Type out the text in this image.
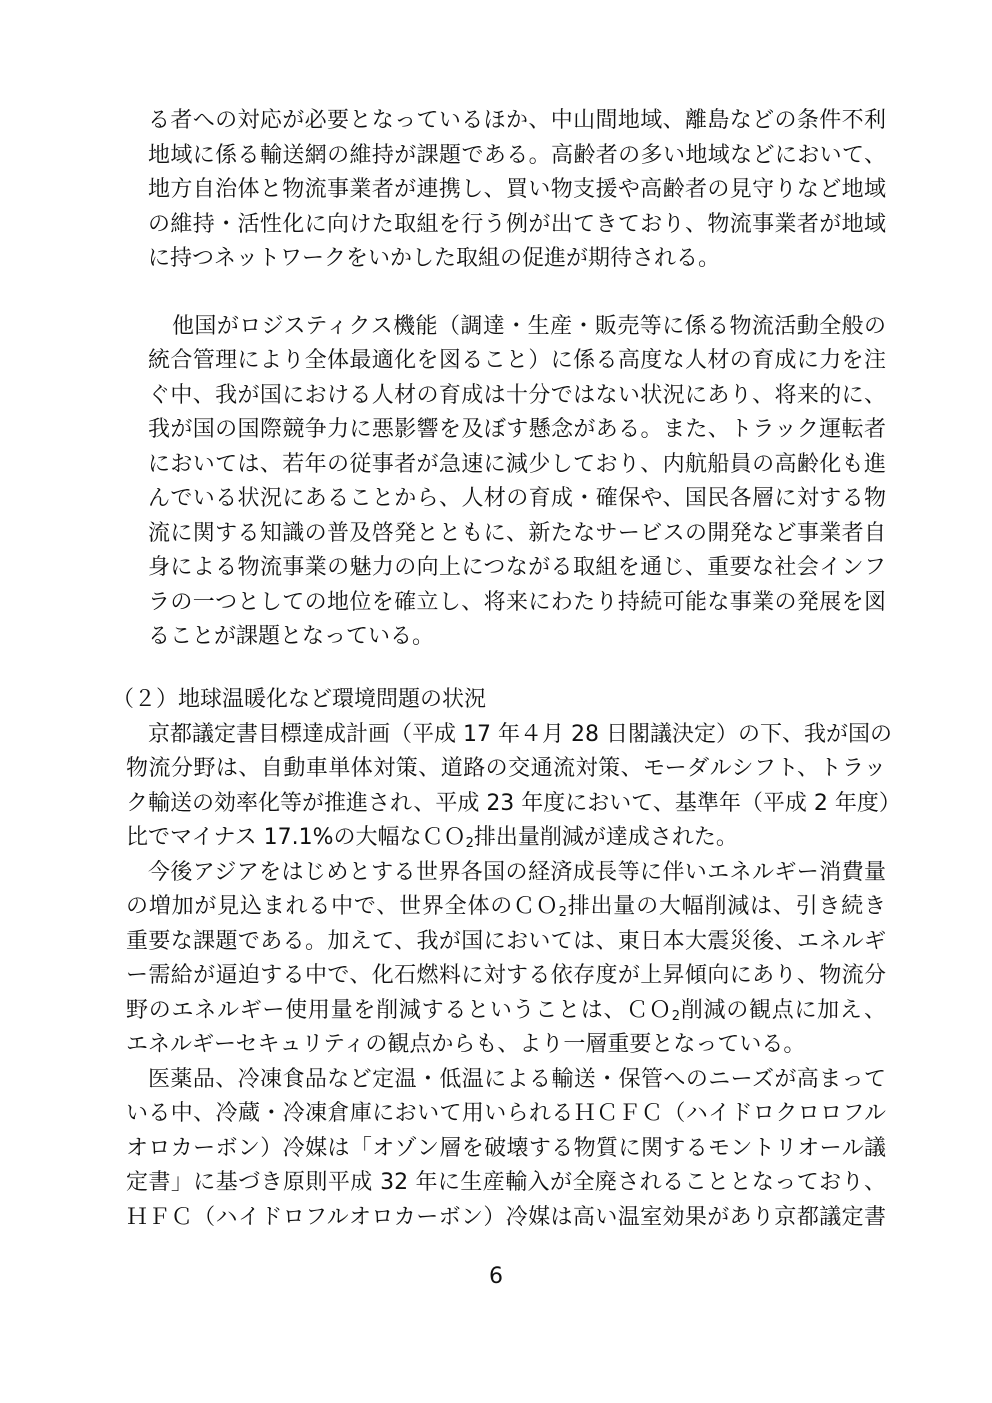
る者への対応が必要となっているほか、中山間地域、離島などの条件不利
地域に係る輸送網の維持が課題である。高齢者の多い地域などにおいて、
地方自治体と物流事業者が連携し、買い物支援や高齢者の見守りなど地域
の維持・活性化に向けた取組を行う例が出てきており、物流事業者が地域
に持つネットワークをいかした取組の促進が期待される。
他国がロジスティクス機能（調達・生産・販売等に係る物流活動全般の
統合管理により全体最適化を図ること）に係る高度な人材の育成に力を注
ぐ中、我が国における人材の育成は十分ではない状況にあり、将来的に、
我が国の国際競争力に悪影響を及ぼす懸念がある。また、トラック運転者
においては、若年の従事者が急速に減少しており、内航船員の高齢化も進
んでいる状況にあることから、人材の育成・確保や、国民各層に対する物
流に関する知識の普及啓発とともに、新たなサービスの開発など事業者自
身による物流事業の魅力の向上につながる取組を通じ、重要な社会インフ
ラの一つとしての地位を確立し、将来にわたり持続可能な事業の発展を図
ることが課題となっている。
（２）地球温暖化など環境問題の状況
京都議定書目標達成計画（平成 17 年４月 28 日閣議決定）の下、我が国の
物流分野は、自動車単体対策、道路の交通流対策、モーダルシフト、トラッ
ク輸送の効率化等が推進され、平成 23 年度において、基準年（平成 2 年度）
比でマイナス 17.1%の大幅なＣＯ$_2$排出量削減が達成された。
今後アジアをはじめとする世界各国の経済成長等に伴いエネルギー消費量
の増加が見込まれる中で、世界全体のＣＯ$_2$排出量の大幅削減は、引き続き
重要な課題である。加えて、我が国においては、東日本大震災後、エネルギ
ー需給が逼迫する中で、化石燃料に対する依存度が上昇傾向にあり、物流分
野のエネルギー使用量を削減するということは、ＣＯ$_2$削減の観点に加え、
エネルギーセキュリティの観点からも、より一層重要となっている。
医薬品、冷凍食品など定温・低温による輸送・保管へのニーズが高まって
いる中、冷蔵・冷凍倉庫において用いられるＨＣＦＣ（ハイドロクロロフル
オロカーボン）冷媒は「オゾン層を破壊する物質に関するモントリオール議
定書」に基づき原則平成 32 年に生産輸入が全廃されることとなっており、
ＨＦＣ（ハイドロフルオロカーボン）冷媒は高い温室効果があり京都議定書
6
